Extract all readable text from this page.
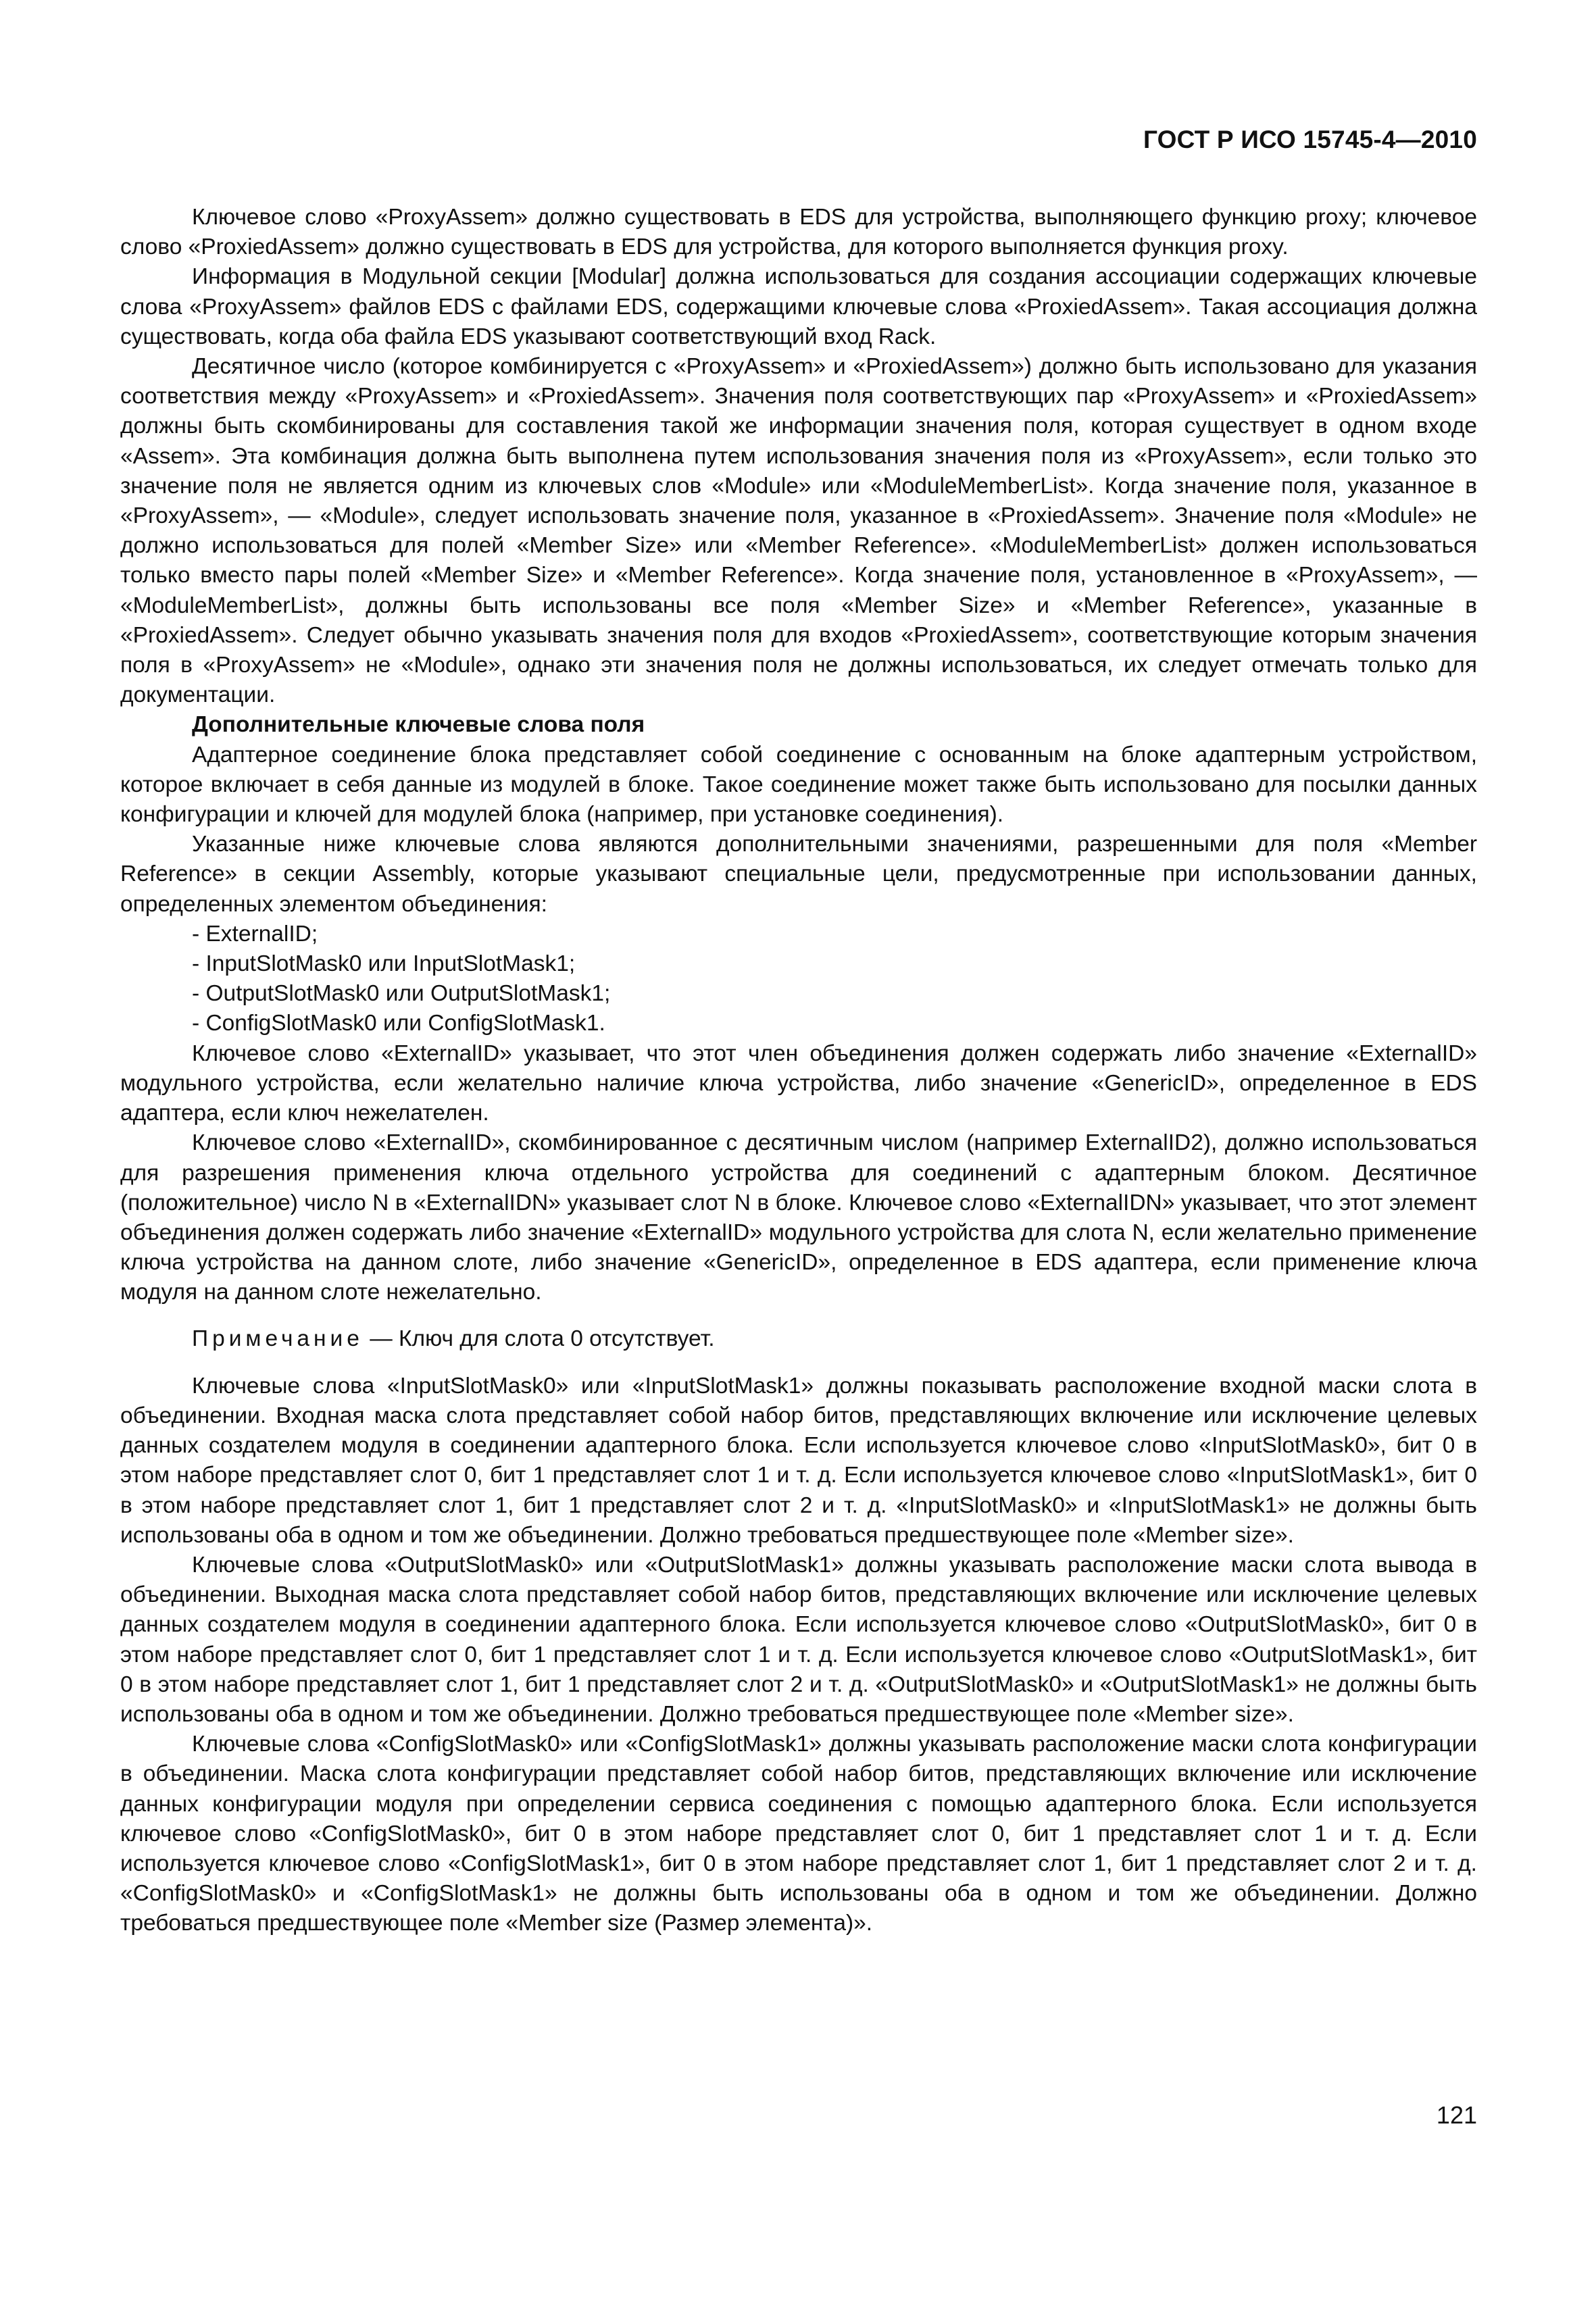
ГОСТ Р ИСО 15745-4—2010

Ключевое слово «ProxyAssem» должно существовать в EDS для устройства, выполняющего функцию proxy; ключевое слово «ProxiedAssem» должно существовать в EDS для устройства, для которого выполняется функция proxy.

Информация в Модульной секции [Modular] должна использоваться для создания ассоциации содержащих ключевые слова «ProxyAssem» файлов EDS с файлами EDS, содержащими ключевые слова «ProxiedAssem». Такая ассоциация должна существовать, когда оба файла EDS указывают соответствующий вход Rack.

Десятичное число (которое комбинируется с «ProxyAssem» и «ProxiedAssem») должно быть использовано для указания соответствия между «ProxyAssem» и «ProxiedAssem». Значения поля соответствующих пар «ProxyAssem» и «ProxiedAssem» должны быть скомбинированы для составления такой же информации значения поля, которая существует в одном входе «Assem». Эта комбинация должна быть выполнена путем использования значения поля из «ProxyAssem», если только это значение поля не является одним из ключевых слов «Module» или «ModuleMemberList». Когда значение поля, указанное в «ProxyAssem», — «Module», следует использовать значение поля, указанное в «ProxiedAssem». Значение поля «Module» не должно использоваться для полей «Member Size» или «Member Reference». «ModuleMemberList» должен использоваться только вместо пары полей «Member Size» и «Member Reference». Когда значение поля, установленное в «ProxyAssem», — «ModuleMemberList», должны быть использованы все поля «Member Size» и «Member Reference», указанные в «ProxiedAssem». Следует обычно указывать значения поля для входов «ProxiedAssem», соответствующие которым значения поля в «ProxyAssem» не «Module», однако эти значения поля не должны использоваться, их следует отмечать только для документации.

Дополнительные ключевые слова поля

Адаптерное соединение блока представляет собой соединение с основанным на блоке адаптерным устройством, которое включает в себя данные из модулей в блоке. Такое соединение может также быть использовано для посылки данных конфигурации и ключей для модулей блока (например, при установке соединения).

Указанные ниже ключевые слова являются дополнительными значениями, разрешенными для поля «Member Reference» в секции Assembly, которые указывают специальные цели, предусмотренные при использовании данных, определенных элементом объединения:

- ExternalID;
- InputSlotMask0 или InputSlotMask1;
- OutputSlotMask0 или OutputSlotMask1;
- ConfigSlotMask0 или ConfigSlotMask1.

Ключевое слово «ExternalID» указывает, что этот член объединения должен содержать либо значение «ExternalID» модульного устройства, если желательно наличие ключа устройства, либо значение «GenericID», определенное в EDS адаптера, если ключ нежелателен.

Ключевое слово «ExternalID», скомбинированное с десятичным числом (например ExternalID2), должно использоваться для разрешения применения ключа отдельного устройства для соединений с адаптерным блоком. Десятичное (положительное) число N в «ExternalIDN» указывает слот N в блоке. Ключевое слово «ExternalIDN» указывает, что этот элемент объединения должен содержать либо значение «ExternalID» модульного устройства для слота N, если желательно применение ключа устройства на данном слоте, либо значение «GenericID», определенное в EDS адаптера, если применение ключа модуля на данном слоте нежелательно.

Примечание — Ключ для слота 0 отсутствует.

Ключевые слова «InputSlotMask0» или «InputSlotMask1» должны показывать расположение входной маски слота в объединении. Входная маска слота представляет собой набор битов, представляющих включение или исключение целевых данных создателем модуля в соединении адаптерного блока. Если используется ключевое слово «InputSlotMask0», бит 0 в этом наборе представляет слот 0, бит 1 представляет слот 1 и т. д. Если используется ключевое слово «InputSlotMask1», бит 0 в этом наборе представляет слот 1, бит 1 представляет слот 2 и т. д. «InputSlotMask0» и «InputSlotMask1» не должны быть использованы оба в одном и том же объединении. Должно требоваться предшествующее поле «Member size».

Ключевые слова «OutputSlotMask0» или «OutputSlotMask1» должны указывать расположение маски слота вывода в объединении. Выходная маска слота представляет собой набор битов, представляющих включение или исключение целевых данных создателем модуля в соединении адаптерного блока. Если используется ключевое слово «OutputSlotMask0», бит 0 в этом наборе представляет слот 0, бит 1 представляет слот 1 и т. д. Если используется ключевое слово «OutputSlotMask1», бит 0 в этом наборе представляет слот 1, бит 1 представляет слот 2 и т. д. «OutputSlotMask0» и «OutputSlotMask1» не должны быть использованы оба в одном и том же объединении. Должно требоваться предшествующее поле «Member size».

Ключевые слова «ConfigSlotMask0» или «ConfigSlotMask1» должны указывать расположение маски слота конфигурации в объединении. Маска слота конфигурации представляет собой набор битов, представляющих включение или исключение данных конфигурации модуля при определении сервиса соединения с помощью адаптерного блока. Если используется ключевое слово «ConfigSlotMask0», бит 0 в этом наборе представляет слот 0, бит 1 представляет слот 1 и т. д. Если используется ключевое слово «ConfigSlotMask1», бит 0 в этом наборе представляет слот 1, бит 1 представляет слот 2 и т. д. «ConfigSlotMask0» и «ConfigSlotMask1» не должны быть использованы оба в одном и том же объединении. Должно требоваться предшествующее поле «Member size (Размер элемента)».

121
